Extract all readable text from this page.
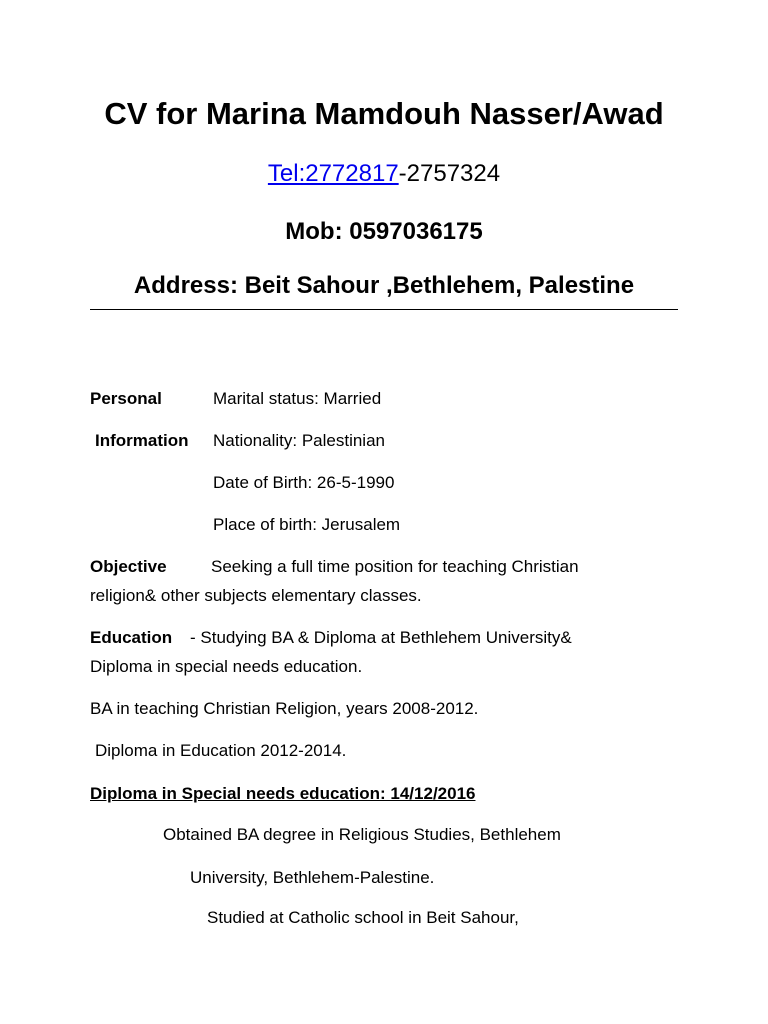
CV for Marina Mamdouh Nasser/Awad
Tel:2772817-2757324
Mob: 0597036175
Address: Beit Sahour ,Bethlehem, Palestine
Personal
Information
Marital status: Married
Nationality: Palestinian
Date of Birth: 26-5-1990
Place of birth: Jerusalem
Objective	Seeking a full time position for teaching Christian
religion& other subjects elementary classes.
Education - Studying BA & Diploma at Bethlehem University&
Diploma in special needs education.
BA in teaching Christian Religion, years 2008-2012.
Diploma in Education 2012-2014.
Diploma in Special needs education: 14/12/2016
Obtained BA degree in Religious Studies, Bethlehem
University, Bethlehem-Palestine.
Studied at Catholic school in Beit Sahour,
